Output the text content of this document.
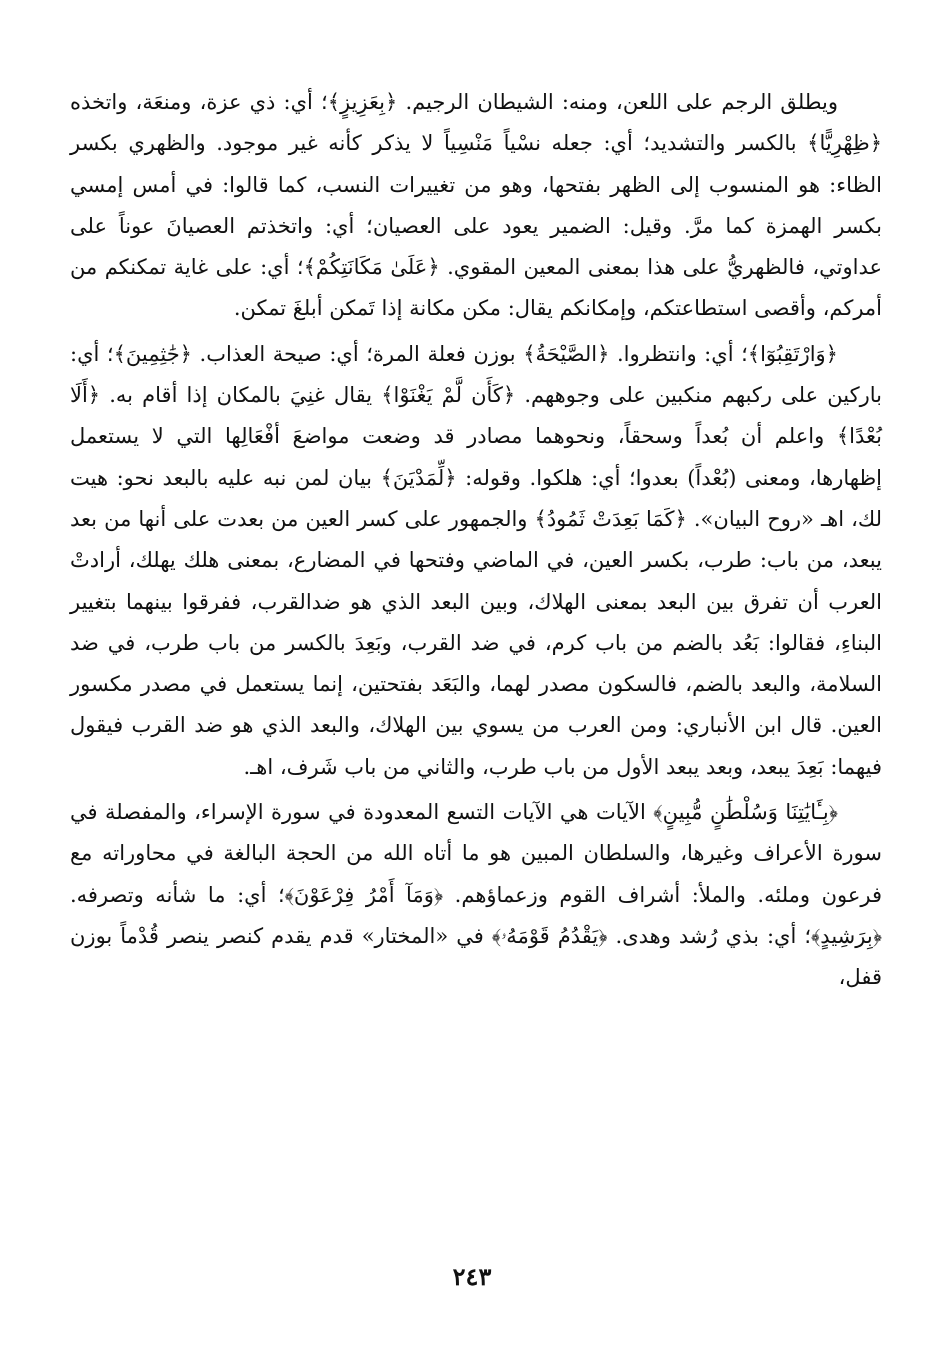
ويطلق الرجم على اللعن، ومنه: الشيطان الرجيم. ﴿بِعَزِيزٍ﴾؛ أي: ذي عزة، ومنعَة، واتخذه ﴿ظِهْرِيًّا﴾ بالكسر والتشديد؛ أي: جعله نسْياً مَنْسِياً لا يذكر كأنه غير موجود. والظهري بكسر الظاء: هو المنسوب إلى الظهر بفتحها، وهو من تغييرات النسب، كما قالوا: في أمس إمسي بكسر الهمزة كما مرَّ. وقيل: الضمير يعود على العصيان؛ أي: واتخذتم العصيانَ عوناً على عداوتي، فالظهريُّ على هذا بمعنى المعين المقوي. ﴿عَلَىٰ مَكَانَتِكُمْ﴾؛ أي: على غاية تمكنكم من أمركم، وأقصى استطاعتكم، وإمكانكم يقال: مكن مكانة إذا تَمكن أبلغَ تمكن.

﴿وَارْتَقِبُوٓا﴾؛ أي: وانتظروا. ﴿الصَّيْحَةُ﴾ بوزن فعلة المرة؛ أي: صيحة العذاب. ﴿جَٰثِمِينَ﴾؛ أي: باركين على ركبهم منكبين على وجوههم. ﴿كَأَن لَّمْ يَغْنَوْا﴾ يقال غنِيَ بالمكان إذا أقام به. ﴿أَلَا بُعْدًا﴾ واعلم أن بُعداً وسحقاً، ونحوهما مصادر قد وضعت مواضعَ أفْعَالِها التي لا يستعمل إظهارها، ومعنى (بُعْداً) بعدوا؛ أي: هلكوا. وقوله: ﴿لِّمَدْيَنَ﴾ بيان لمن نبه عليه بالبعد نحو: هيت لك، اهـ «روح البيان». ﴿كَمَا بَعِدَتْ ثَمُودُ﴾ والجمهور على كسر العين من بعدت على أنها من بعد يبعد، من باب: طرب، بكسر العين، في الماضي وفتحها في المضارع، بمعنى هلك يهلك، أرادتْ العرب أن تفرق بين البعد بمعنى الهلاك، وبين البعد الذي هو ضدالقرب، ففرقوا بينهما بتغيير البناءِ، فقالوا: بَعُد بالضم من باب كرم، في ضد القرب، وبَعِدَ بالكسر من باب طرب، في ضد السلامة، والبعد بالضم، فالسكون مصدر لهما، والبَعَد بفتحتين، إنما يستعمل في مصدر مكسور العين. قال ابن الأنباري: ومن العرب من يسوي بين الهلاك، والبعد الذي هو ضد القرب فيقول فيهما: بَعِدَ يبعد، وبعد يبعد الأول من باب طرب، والثاني من باب شَرف، اهـ.

﴿بِـَٔايَٰتِنَا وَسُلْطَٰنٍ مُّبِينٍ﴾ الآيات هي الآيات التسع المعدودة في سورة الإسراء، والمفصلة في سورة الأعراف وغيرها، والسلطان المبين هو ما أتاه الله من الحجة البالغة في محاوراته مع فرعون وملئه. والملأ: أشراف القوم وزعماؤهم. ﴿وَمَآ أَمْرُ فِرْعَوْنَ﴾؛ أي: ما شأنه وتصرفه. ﴿بِرَشِيدٍ﴾؛ أي: بذي رُشد وهدى. ﴿يَقْدُمُ قَوْمَهُۥ﴾ في «المختار» قدم يقدم كنصر ينصر قُدْماً بوزن قفل،

٢٤٣
